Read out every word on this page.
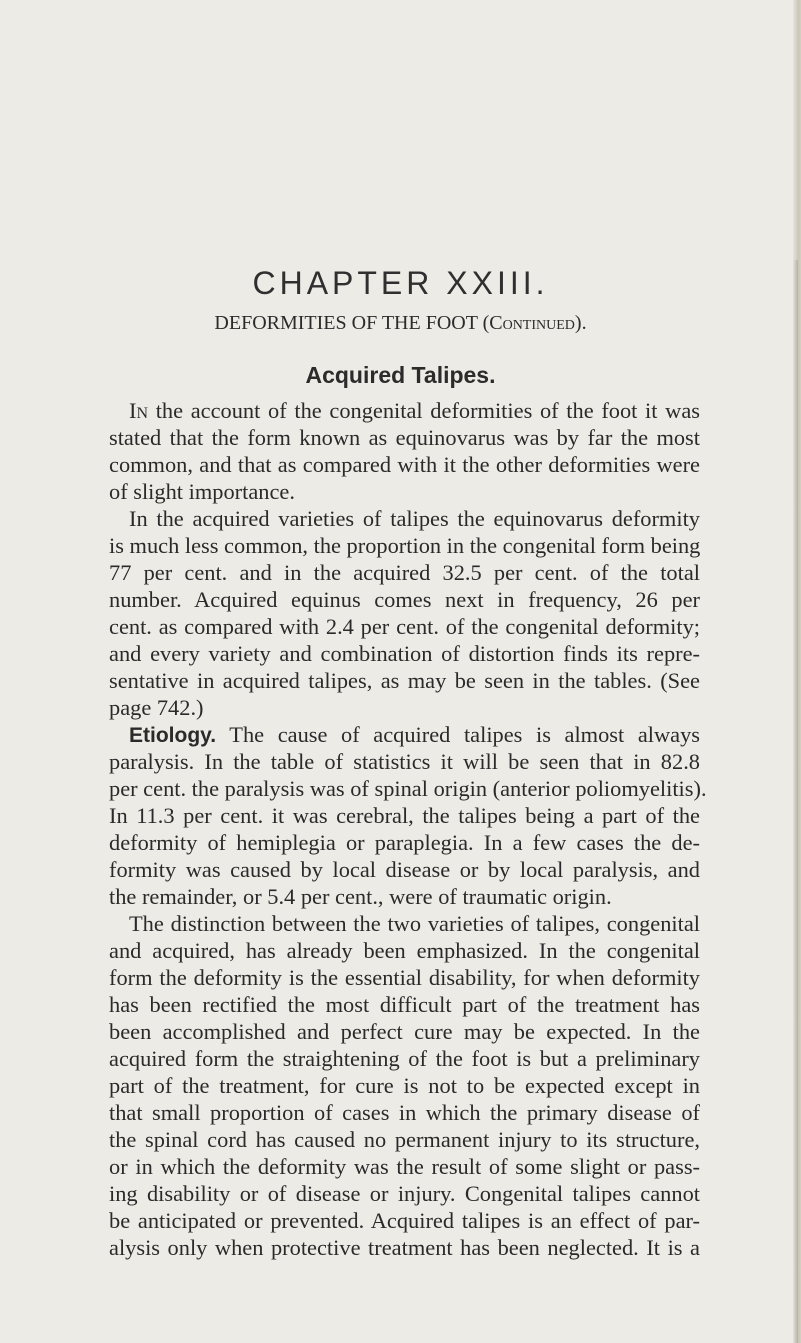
CHAPTER XXIII.
DEFORMITIES OF THE FOOT (Continued).
Acquired Talipes.
In the account of the congenital deformities of the foot it was
stated that the form known as equinovarus was by far the most
common, and that as compared with it the other deformities were
of slight importance.
In the acquired varieties of talipes the equinovarus deformity
is much less common, the proportion in the congenital form being
77 per cent. and in the acquired 32.5 per cent. of the total
number. Acquired equinus comes next in frequency, 26 per
cent. as compared with 2.4 per cent. of the congenital deformity;
and every variety and combination of distortion finds its repre-
sentative in acquired talipes, as may be seen in the tables. (See
page 742.)
Etiology. The cause of acquired talipes is almost always
paralysis. In the table of statistics it will be seen that in 82.8
per cent. the paralysis was of spinal origin (anterior poliomyelitis).
In 11.3 per cent. it was cerebral, the talipes being a part of the
deformity of hemiplegia or paraplegia. In a few cases the de-
formity was caused by local disease or by local paralysis, and
the remainder, or 5.4 per cent., were of traumatic origin.
The distinction between the two varieties of talipes, congenital
and acquired, has already been emphasized. In the congenital
form the deformity is the essential disability, for when deformity
has been rectified the most difficult part of the treatment has
been accomplished and perfect cure may be expected. In the
acquired form the straightening of the foot is but a preliminary
part of the treatment, for cure is not to be expected except in
that small proportion of cases in which the primary disease of
the spinal cord has caused no permanent injury to its structure,
or in which the deformity was the result of some slight or pass-
ing disability or of disease or injury. Congenital talipes cannot
be anticipated or prevented. Acquired talipes is an effect of par-
alysis only when protective treatment has been neglected. It is a
